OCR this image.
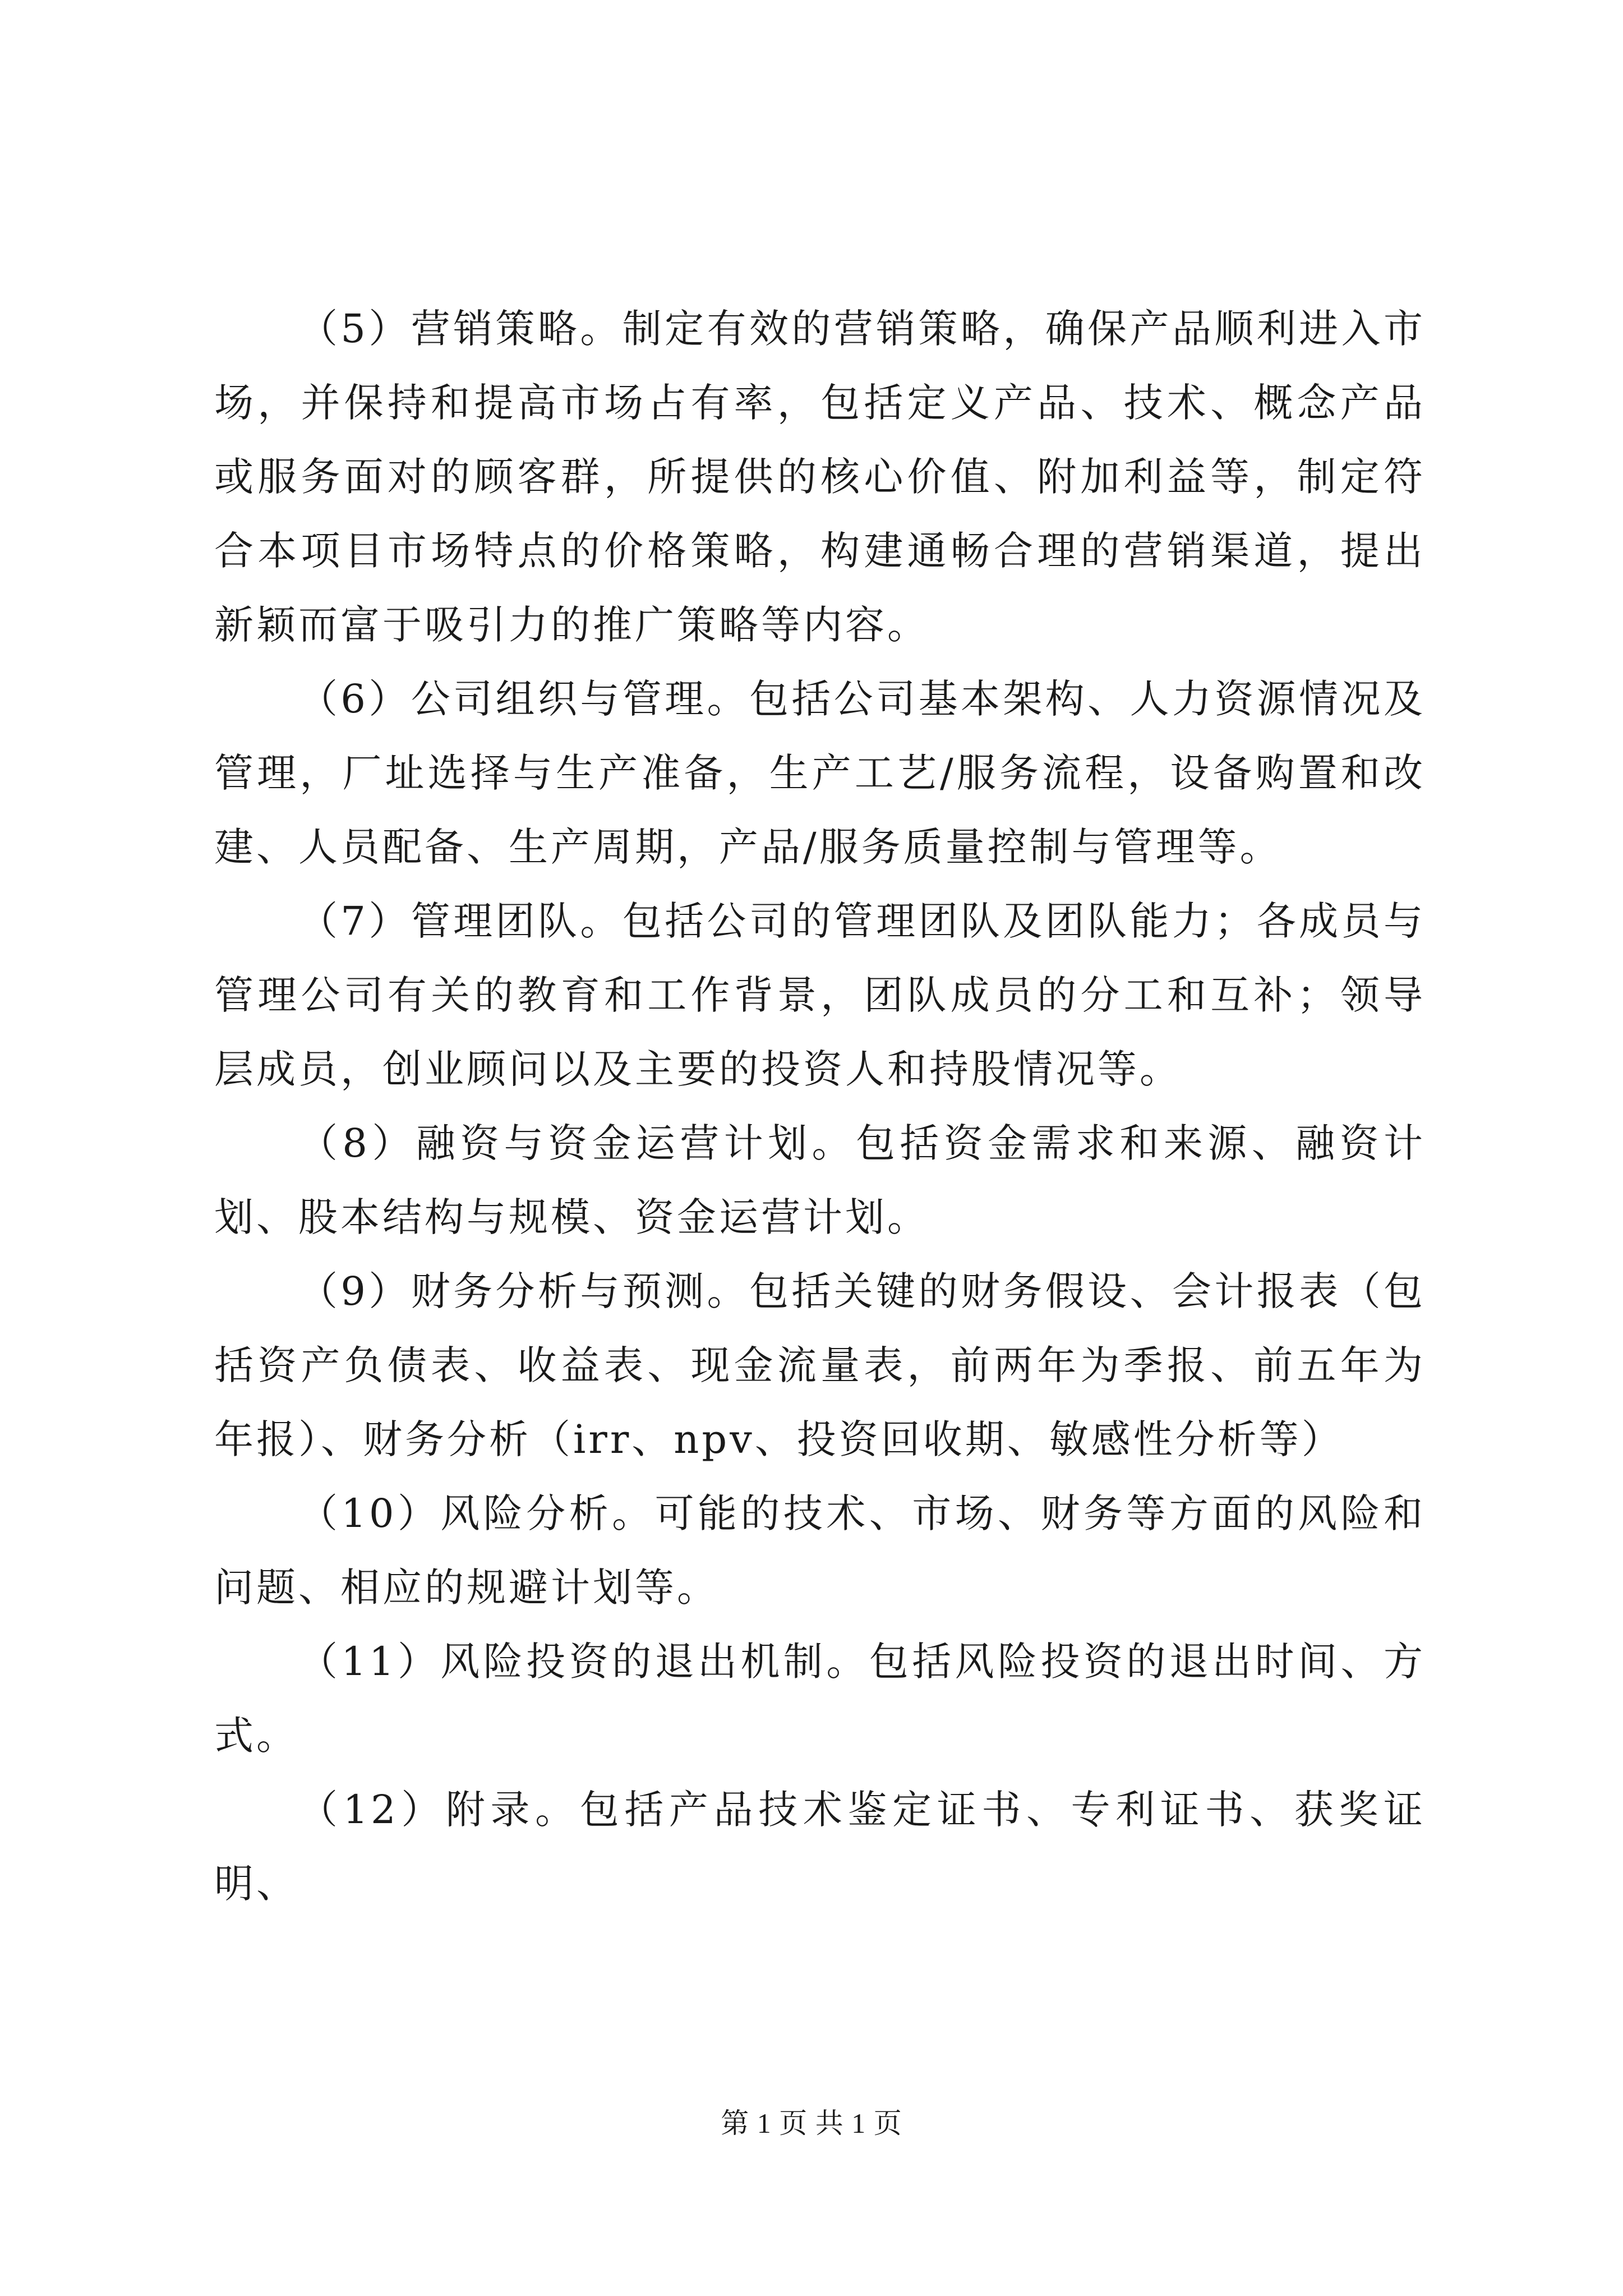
（5）营销策略。制定有效的营销策略，确保产品顺利进入市场，并保持和提高市场占有率，包括定义产品、技术、概念产品或服务面对的顾客群，所提供的核心价值、附加利益等，制定符合本项目市场特点的价格策略，构建通畅合理的营销渠道，提出新颖而富于吸引力的推广策略等内容。

（6）公司组织与管理。包括公司基本架构、人力资源情况及管理，厂址选择与生产准备，生产工艺/服务流程，设备购置和改建、人员配备、生产周期，产品/服务质量控制与管理等。

（7）管理团队。包括公司的管理团队及团队能力；各成员与管理公司有关的教育和工作背景，团队成员的分工和互补；领导层成员，创业顾问以及主要的投资人和持股情况等。

（8）融资与资金运营计划。包括资金需求和来源、融资计划、股本结构与规模、资金运营计划。

（9）财务分析与预测。包括关键的财务假设、会计报表（包括资产负债表、收益表、现金流量表，前两年为季报、前五年为年报）、财务分析（irr、npv、投资回收期、敏感性分析等）

（10）风险分析。可能的技术、市场、财务等方面的风险和问题、相应的规避计划等。

（11）风险投资的退出机制。包括风险投资的退出时间、方式。

（12）附录。包括产品技术鉴定证书、专利证书、获奖证明、

第 1 页 共 1 页
